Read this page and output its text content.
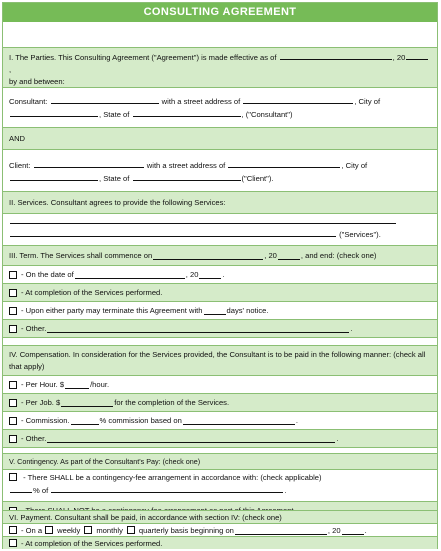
CONSULTING AGREEMENT
I. The Parties. This Consulting Agreement ("Agreement") is made effective as of	, 20,
by and between:
Consultant:	with a street address of	, City of
, State of	, ("Consultant")
AND
Client:	with a street address of	, City of
, State of	("Client").
II. Services. Consultant agrees to provide the following Services:

("Services").
III. Term. The Services shall commence on	, 20	, and end: (check one)
- On the date of	, 20	.
- At completion of the Services performed.
- Upon either party may terminate this Agreement with	days' notice.
- Other.	.
IV. Compensation. In consideration for the Services provided, the Consultant is to be paid in the following manner: (check all that apply)
- Per Hour. $	/hour.
- Per Job. $	for the completion of the Services.
- Commission.	% commission based on	.
- Other.	.
V. Contingency. As part of the Consultant's Pay: (check one)
- There SHALL be a contingency-fee arrangement in accordance with: (check applicable)
% of	.
VI. Payment. Consultant shall be paid, in accordance with section IV: (check one)
- On a weekly monthly quarterly basis beginning on	, 20	.
- At completion of the Services performed.
